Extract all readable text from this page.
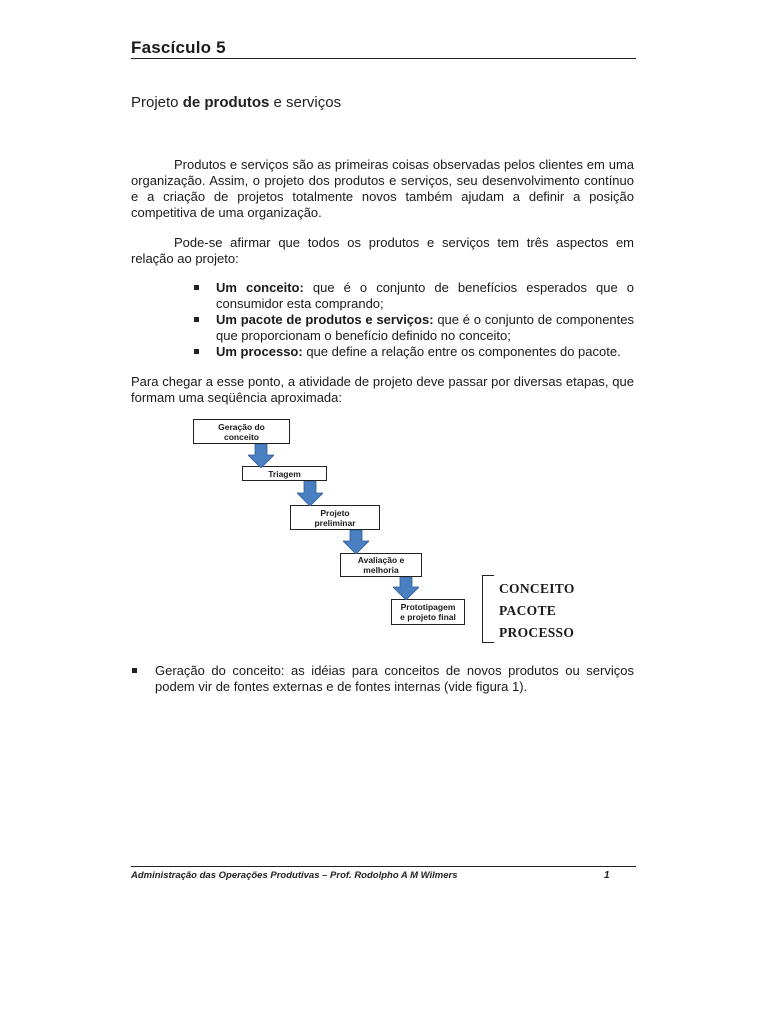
Fascículo 5
Projeto de produtos e serviços
Produtos e serviços são as primeiras coisas observadas pelos clientes em uma organização. Assim, o projeto dos produtos e serviços, seu desenvolvimento contínuo e a criação de projetos totalmente novos também ajudam a definir a posição competitiva de uma organização.
Pode-se afirmar que todos os produtos e serviços tem três aspectos em relação ao projeto:
Um conceito: que é o conjunto de benefícios esperados que o consumidor esta comprando;
Um pacote de produtos e serviços: que é o conjunto de componentes que proporcionam o benefício definido no conceito;
Um processo: que define a relação entre os componentes do pacote.
Para chegar a esse ponto, a atividade de projeto deve passar por diversas etapas, que formam uma seqüência aproximada:
Geração do
conceito
Triagem
Projeto
preliminar
Avaliação e
melhoria
Prototipagem
e projeto final
CONCEITO
PACOTE
PROCESSO
Geração do conceito: as idéias para conceitos de novos produtos ou serviços podem vir de fontes externas e de fontes internas (vide figura 1).
Administração das Operações Produtivas – Prof. Rodolpho A M Wilmers	1
